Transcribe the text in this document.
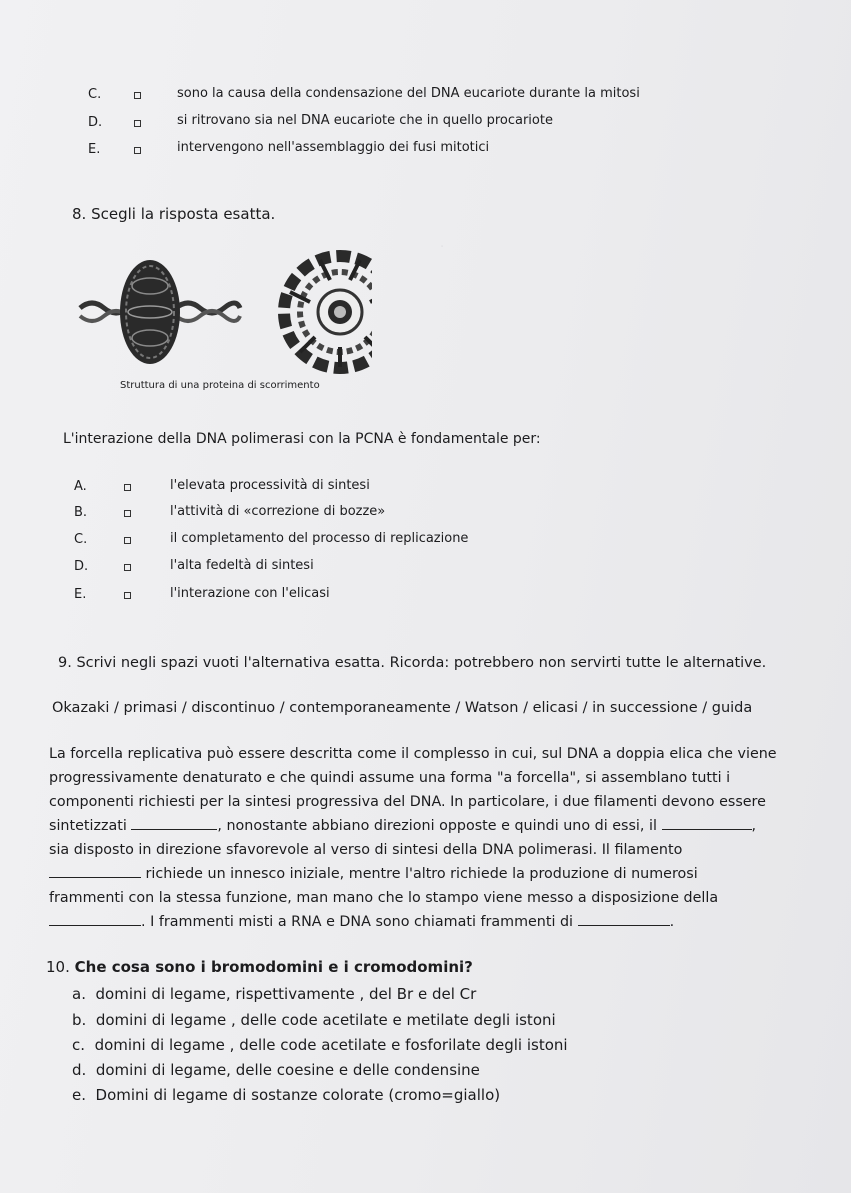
·
C.	sono la causa della condensazione del DNA eucariote durante la mitosi
D.	si ritrovano sia nel DNA eucariote che in quello procariote
E.	intervengono nell'assemblaggio dei fusi mitotici
8. Scegli la risposta esatta.
Struttura di una proteina di scorrimento
L'interazione della DNA polimerasi con la PCNA è fondamentale per:
A.	l'elevata processività di sintesi
B.	l'attività di «correzione di bozze»
C.	il completamento del processo di replicazione
D.	l'alta fedeltà di sintesi
E.	l'interazione con l'elicasi
9. Scrivi negli spazi vuoti l'alternativa esatta. Ricorda: potrebbero non servirti tutte le alternative.
Okazaki / primasi / discontinuo / contemporaneamente / Watson / elicasi / in successione / guida
La forcella replicativa può essere descritta come il complesso in cui, sul DNA a doppia elica che viene
progressivamente denaturato e che quindi assume una forma "a forcella", si assemblano tutti i
componenti richiesti per la sintesi progressiva del DNA. In particolare, i due filamenti devono essere
sintetizzati	, nonostante abbiano direzioni opposte e quindi uno di essi, il	,
sia disposto in direzione sfavorevole al verso di sintesi della DNA polimerasi. Il filamento
richiede un innesco iniziale, mentre l'altro richiede la produzione di numerosi
frammenti con la stessa funzione, man mano che lo stampo viene messo a disposizione della
. I frammenti misti a RNA e DNA sono chiamati frammenti di	.
10. Che cosa sono i bromodomini e i cromodomini?
a. domini di legame, rispettivamente , del Br e del Cr
b. domini di legame , delle code acetilate e metilate degli istoni
c. domini di legame , delle code acetilate e fosforilate degli istoni
d.  domini di legame, delle coesine e delle condensine
e. Domini di legame di sostanze colorate (cromo=giallo)
